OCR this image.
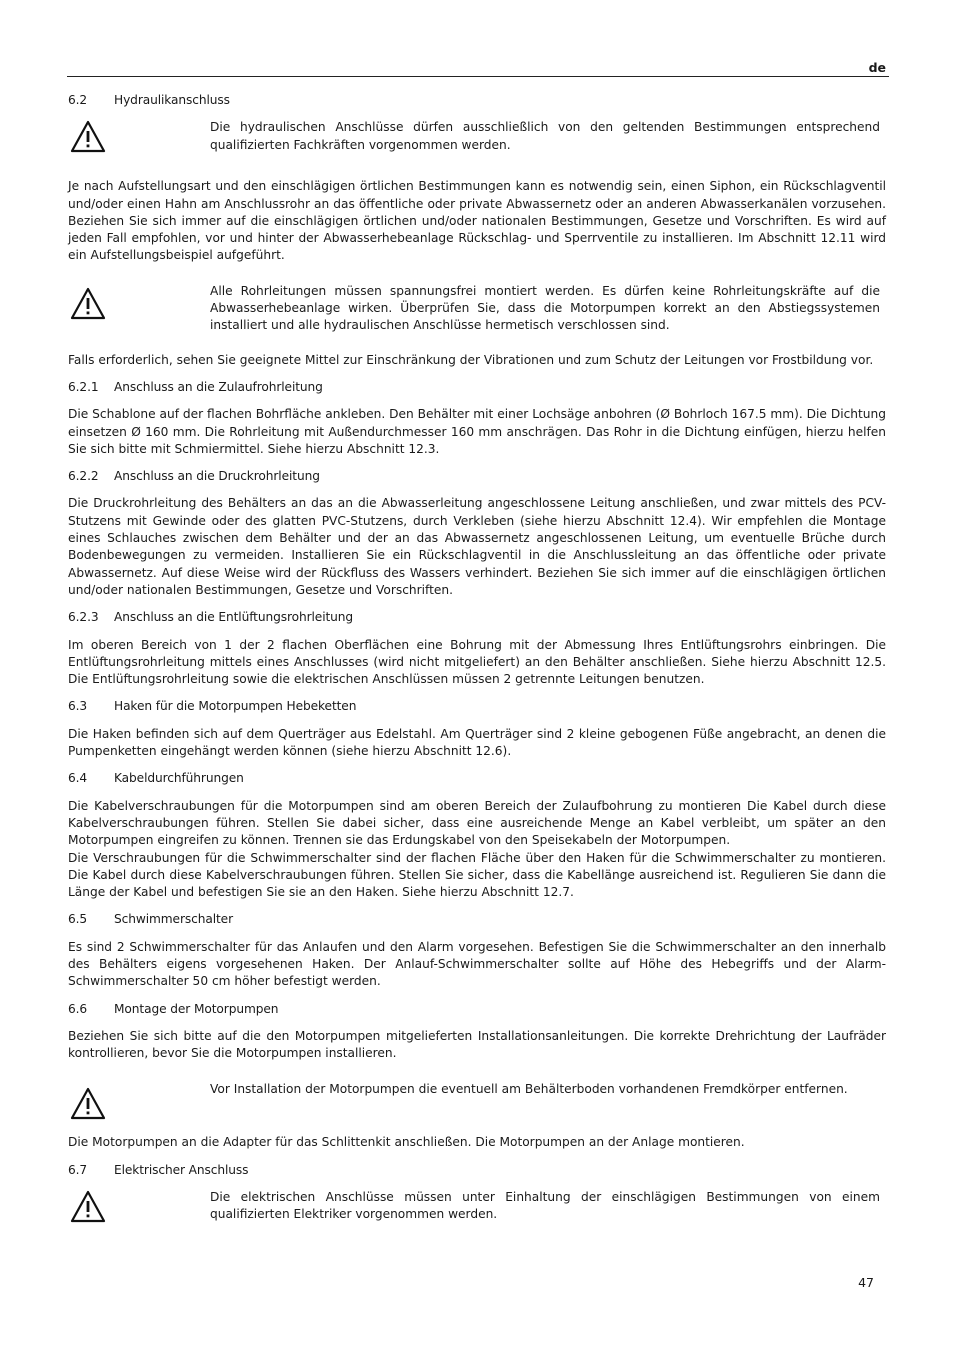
de
6.2 Hydraulikanschluss

Die hydraulischen Anschlüsse dürfen ausschließlich von den geltenden Bestimmungen entsprechend qualifizierten Fachkräften vorgenommen werden.

Je nach Aufstellungsart und den einschlägigen örtlichen Bestimmungen kann es notwendig sein, einen Siphon, ein Rückschlagventil und/oder einen Hahn am Anschlussrohr an das öffentliche oder private Abwassernetz oder an anderen Abwasserkanälen vorzusehen. Beziehen Sie sich immer auf die einschlägigen örtlichen und/oder nationalen Bestimmungen, Gesetze und Vorschriften. Es wird auf jeden Fall empfohlen, vor und hinter der Abwasserhebeanlage Rückschlag- und Sperrventile zu installieren. Im Abschnitt 12.11 wird ein Aufstellungsbeispiel aufgeführt.

Alle Rohrleitungen müssen spannungsfrei montiert werden. Es dürfen keine Rohrleitungskräfte auf die Abwasserhebeanlage wirken. Überprüfen Sie, dass die Motorpumpen korrekt an den Abstiegssystemen installiert und alle hydraulischen Anschlüsse hermetisch verschlossen sind.

Falls erforderlich, sehen Sie geeignete Mittel zur Einschränkung der Vibrationen und zum Schutz der Leitungen vor Frostbildung vor.

6.2.1 Anschluss an die Zulaufrohrleitung

Die Schablone auf der flachen Bohrfläche ankleben. Den Behälter mit einer Lochsäge anbohren (Ø Bohrloch 167.5 mm). Die Dichtung einsetzen Ø 160 mm. Die Rohrleitung mit Außendurchmesser 160 mm anschrägen. Das Rohr in die Dichtung einfügen, hierzu helfen Sie sich bitte mit Schmiermittel. Siehe hierzu Abschnitt 12.3.

6.2.2 Anschluss an die Druckrohrleitung

Die Druckrohrleitung des Behälters an das an die Abwasserleitung angeschlossene Leitung anschließen, und zwar mittels des PCV-Stutzens mit Gewinde oder des glatten PVC-Stutzens, durch Verkleben (siehe hierzu Abschnitt 12.4). Wir empfehlen die Montage eines Schlauches zwischen dem Behälter und der an das Abwassernetz angeschlossenen Leitung, um eventuelle Brüche durch Bodenbewegungen zu vermeiden. Installieren Sie ein Rückschlagventil in die Anschlussleitung an das öffentliche oder private Abwassernetz. Auf diese Weise wird der Rückfluss des Wassers verhindert. Beziehen Sie sich immer auf die einschlägigen örtlichen und/oder nationalen Bestimmungen, Gesetze und Vorschriften.

6.2.3 Anschluss an die Entlüftungsrohrleitung

Im oberen Bereich von 1 der 2 flachen Oberflächen eine Bohrung mit der Abmessung Ihres Entlüftungsrohrs einbringen. Die Entlüftungsrohrleitung mittels eines Anschlusses (wird nicht mitgeliefert) an den Behälter anschließen. Siehe hierzu Abschnitt 12.5. Die Entlüftungsrohrleitung sowie die elektrischen Anschlüssen müssen 2 getrennte Leitungen benutzen.

6.3 Haken für die Motorpumpen Hebeketten

Die Haken befinden sich auf dem Querträger aus Edelstahl. Am Querträger sind 2 kleine gebogenen Füße angebracht, an denen die Pumpenketten eingehängt werden können (siehe hierzu Abschnitt 12.6).

6.4 Kabeldurchführungen

Die Kabelverschraubungen für die Motorpumpen sind am oberen Bereich der Zulaufbohrung zu montieren Die Kabel durch diese Kabelverschraubungen führen. Stellen Sie dabei sicher, dass eine ausreichende Menge an Kabel verbleibt, um später an den Motorpumpen eingreifen zu können. Trennen sie das Erdungskabel von den Speisekabeln der Motorpumpen.

Die Verschraubungen für die Schwimmerschalter sind der flachen Fläche über den Haken für die Schwimmerschalter zu montieren. Die Kabel durch diese Kabelverschraubungen führen. Stellen Sie sicher, dass die Kabellänge ausreichend ist. Regulieren Sie dann die Länge der Kabel und befestigen Sie sie an den Haken. Siehe hierzu Abschnitt 12.7.

6.5 Schwimmerschalter

Es sind 2 Schwimmerschalter für das Anlaufen und den Alarm vorgesehen. Befestigen Sie die Schwimmerschalter an den innerhalb des Behälters eigens vorgesehenen Haken. Der Anlauf-Schwimmerschalter sollte auf Höhe des Hebegriffs und der Alarm-Schwimmerschalter 50 cm höher befestigt werden.

6.6 Montage der Motorpumpen

Beziehen Sie sich bitte auf die den Motorpumpen mitgelieferten Installationsanleitungen. Die korrekte Drehrichtung der Laufräder kontrollieren, bevor Sie die Motorpumpen installieren.

Vor Installation der Motorpumpen die eventuell am Behälterboden vorhandenen Fremdkörper entfernen.

Die Motorpumpen an die Adapter für das Schlittenkit anschließen. Die Motorpumpen an der Anlage montieren.

6.7 Elektrischer Anschluss

Die elektrischen Anschlüsse müssen unter Einhaltung der einschlägigen Bestimmungen von einem qualifizierten Elektriker vorgenommen werden.

47
